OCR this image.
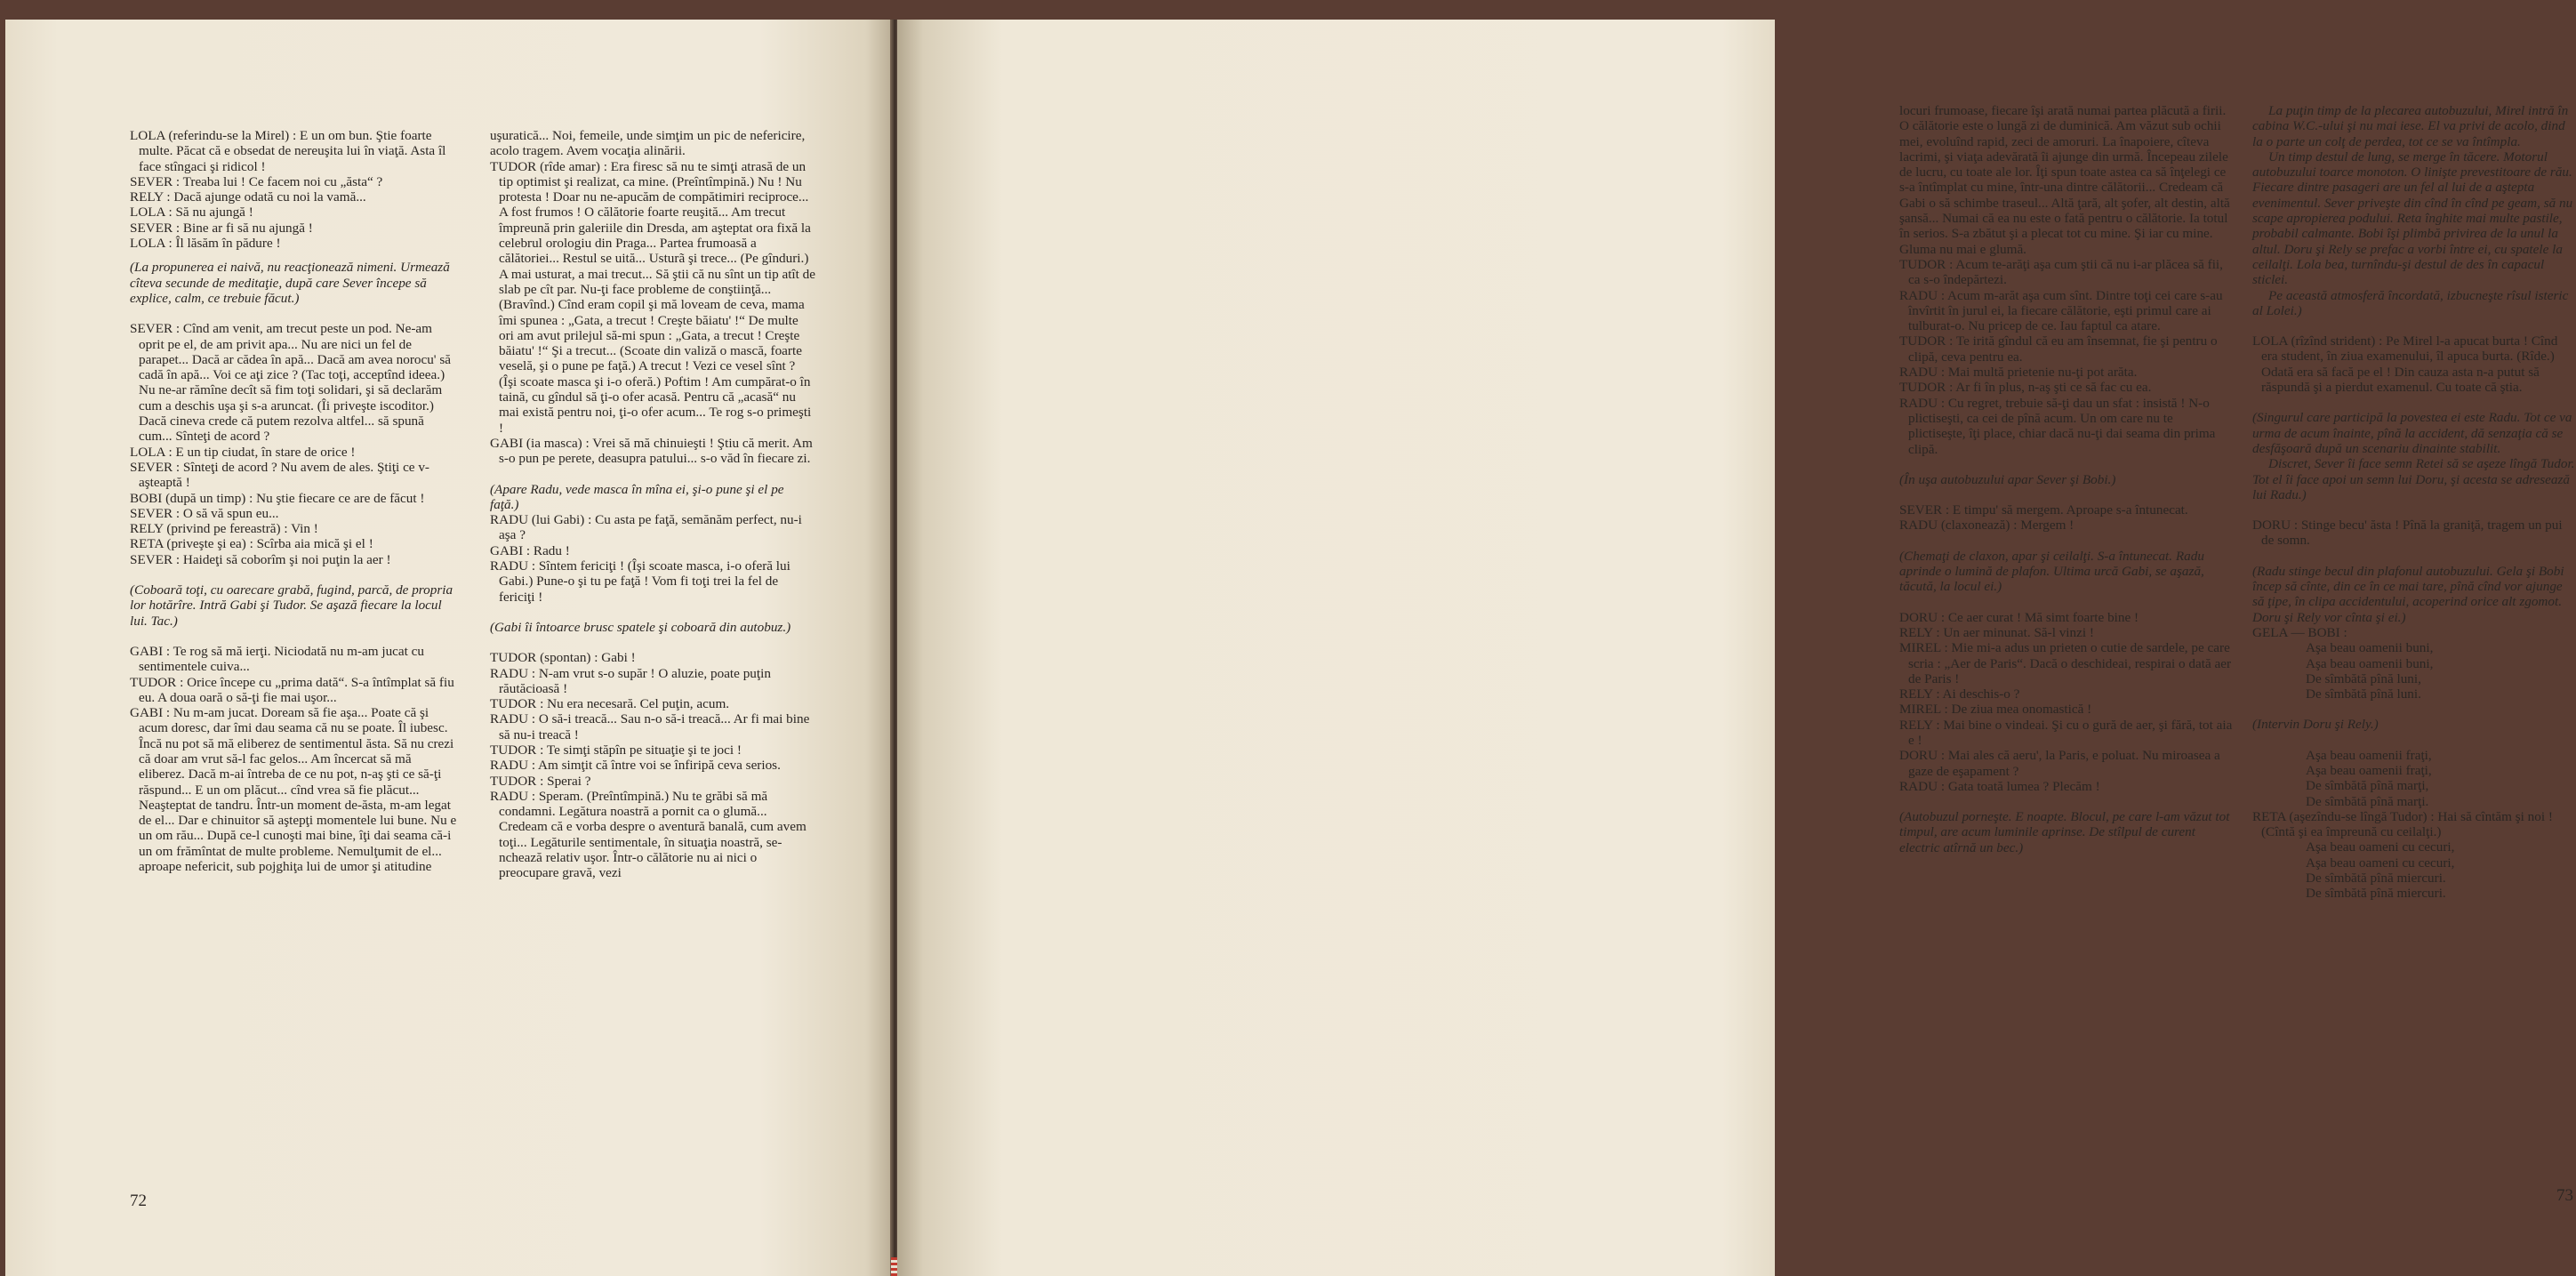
LOLA (referindu-se la Mirel) : E un om bun. Ştie foarte multe. Păcat că e obsedat de nereuşita lui în viaţă. Asta îl face stîngaci şi ridicol !

SEVER : Treaba lui ! Ce facem noi cu „ăsta“ ?

RELY : Dacă ajunge odată cu noi la vamă...

LOLA : Să nu ajungă !

SEVER : Bine ar fi să nu ajungă !

LOLA : Îl lăsăm în pădure !

(La propunerea ei naivă, nu reacţionează nimeni. Urmează cîteva secunde de meditaţie, după care Sever începe să explice, calm, ce trebuie făcut.)

SEVER : Cînd am venit, am trecut peste un pod. Ne-am oprit pe el, de am privit apa... Nu are nici un fel de parapet... Dacă ar cădea în apă... Dacă am avea norocu' să cadă în apă... Voi ce aţi zice ? (Tac toţi, acceptînd ideea.) Nu ne-ar rămîne decît să fim toţi solidari, şi să declarăm cum a deschis uşa şi s-a aruncat. (Îi priveşte iscoditor.) Dacă cineva crede că putem rezolva altfel... să spună cum... Sînteţi de acord ?

LOLA : E un tip ciudat, în stare de orice !

SEVER : Sînteţi de acord ? Nu avem de ales. Ştiţi ce v-aşteaptă !

BOBI (după un timp) : Nu ştie fiecare ce are de făcut !

SEVER : O să vă spun eu...

RELY (privind pe fereastră) : Vin !

RETA (priveşte şi ea) : Scîrba aia mică şi el !

SEVER : Haideţi să coborîm şi noi puţin la aer !

(Coboară toţi, cu oarecare grabă, fugind, parcă, de propria lor hotărîre. Intră Gabi şi Tudor. Se aşază fiecare la locul lui. Tac.)

GABI : Te rog să mă ierţi. Niciodată nu m-am jucat cu sentimentele cuiva...

TUDOR : Orice începe cu „prima dată“. S-a întîmplat să fiu eu. A doua oară o să-ţi fie mai uşor...

GABI : Nu m-am jucat. Doream să fie aşa... Poate că şi acum doresc, dar îmi dau seama că nu se poate. Îl iubesc. Încă nu pot să mă eliberez de sentimentul ăsta. Să nu crezi că doar am vrut să-l fac gelos... Am încercat să mă eliberez. Dacă m-ai întreba de ce nu pot, n-aş şti ce să-ţi răspund... E un om plăcut... cînd vrea să fie plăcut... Neaşteptat de tandru. Într-un moment de-ăsta, m-am legat de el... Dar e chinuitor să aştepţi momentele lui bune. Nu e un om rău... După ce-l cunoşti mai bine, îţi dai seama că-i un om frămîntat de multe probleme. Nemulţumit de el... aproape nefericit, sub pojghiţa lui de umor şi atitudine

uşuratică... Noi, femeile, unde simţim un pic de nefericire, acolo tragem. Avem vocaţia alinării.

TUDOR (rîde amar) : Era firesc să nu te simţi atrasă de un tip optimist şi realizat, ca mine. (Preîntîmpină.) Nu ! Nu protesta ! Doar nu ne-apucăm de compătimiri reciproce... A fost frumos ! O călătorie foarte reuşită... Am trecut împreună prin galeriile din Dresda, am aşteptat ora fixă la celebrul orologiu din Praga... Partea frumoasă a călătoriei... Restul se uită... Usturã şi trece... (Pe gînduri.) A mai usturat, a mai trecut... Să ştii că nu sînt un tip atît de slab pe cît par. Nu-ţi face probleme de conştiinţă... (Bravînd.) Cînd eram copil şi mă loveam de ceva, mama îmi spunea : „Gata, a trecut ! Creşte băiatu' !“ De multe ori am avut prilejul să-mi spun : „Gata, a trecut ! Creşte băiatu' !“ Şi a trecut... (Scoate din valiză o mască, foarte veselă, şi o pune pe faţă.) A trecut ! Vezi ce vesel sînt ? (Îşi scoate masca şi i-o oferă.) Poftim ! Am cumpărat-o în taină, cu gîndul să ţi-o ofer acasă. Pentru că „acasă“ nu mai există pentru noi, ţi-o ofer acum... Te rog s-o primeşti !

GABI (ia masca) : Vrei să mă chinuieşti ! Ştiu că merit. Am s-o pun pe perete, deasupra patului... s-o văd în fiecare zi.

(Apare Radu, vede masca în mîna ei, şi-o pune şi el pe faţă.)

RADU (lui Gabi) : Cu asta pe faţă, semănăm perfect, nu-i aşa ?

GABI : Radu !

RADU : Sîntem fericiţi ! (Îşi scoate masca, i-o oferă lui Gabi.) Pune-o şi tu pe faţă ! Vom fi toţi trei la fel de fericiţi !

(Gabi îi întoarce brusc spatele şi coboară din autobuz.)

TUDOR (spontan) : Gabi !

RADU : N-am vrut s-o supăr ! O aluzie, poate puţin răutăcioasă !

TUDOR : Nu era necesară. Cel puţin, acum.

RADU : O să-i treacă... Sau n-o să-i treacă... Ar fi mai bine să nu-i treacă !

TUDOR : Te simţi stăpîn pe situaţie şi te joci !

RADU : Am simţit că între voi se înfiripă ceva serios.

TUDOR : Sperai ?

RADU : Speram. (Preîntîmpină.) Nu te grăbi să mă condamni. Legătura noastră a pornit ca o glumă... Credeam că e vorba despre o aventură banală, cum avem toţi... Legăturile sentimentale, în situaţia noastră, se-nchează relativ uşor. Într-o călătorie nu ai nici o preocupare gravă, vezi

72

locuri frumoase, fiecare îşi arată numai partea plăcută a firii. O călătorie este o lungă zi de duminică. Am văzut sub ochii mei, evoluînd rapid, zeci de amoruri. La înapoiere, cîteva lacrimi, şi viaţa adevărată îi ajunge din urmă. Începeau zilele de lucru, cu toate ale lor. Îţi spun toate astea ca să înţelegi ce s-a întîmplat cu mine, într-una dintre călătorii... Credeam că Gabi o să schimbe traseul... Altă ţară, alt şofer, alt destin, altă şansă... Numai că ea nu este o fată pentru o călătorie. Ia totul în serios. S-a zbătut şi a plecat tot cu mine. Şi iar cu mine. Gluma nu mai e glumă.

TUDOR : Acum te-arăţi aşa cum ştii că nu i-ar plăcea să fii, ca s-o îndepărtezi.

RADU : Acum m-arăt aşa cum sînt. Dintre toţi cei care s-au învîrtit în jurul ei, la fiecare călătorie, eşti primul care ai tulburat-o. Nu pricep de ce. Iau faptul ca atare.

TUDOR : Te irită gîndul că eu am însemnat, fie şi pentru o clipă, ceva pentru ea.

RADU : Mai multă prietenie nu-ţi pot arăta.

TUDOR : Ar fi în plus, n-aş şti ce să fac cu ea.

RADU : Cu regret, trebuie să-ţi dau un sfat : insistă ! N-o plictiseşti, ca cei de pînă acum. Un om care nu te plictiseşte, îţi place, chiar dacă nu-ţi dai seama din prima clipă.

(În uşa autobuzului apar Sever şi Bobi.)

SEVER : E timpu' să mergem. Aproape s-a întunecat.

RADU (claxonează) : Mergem !

(Chemaţi de claxon, apar şi ceilalţi. S-a întunecat. Radu aprinde o lumină de plafon. Ultima urcă Gabi, se aşază, tăcută, la locul ei.)

DORU : Ce aer curat ! Mă simt foarte bine !

RELY : Un aer minunat. Să-l vinzi !

MIREL : Mie mi-a adus un prieten o cutie de sardele, pe care scria : „Aer de Paris“. Dacă o deschideai, respirai o dată aer de Paris !

RELY : Ai deschis-o ?

MIREL : De ziua mea onomastică !

RELY : Mai bine o vindeai. Şi cu o gură de aer, şi fără, tot aia e !

DORU : Mai ales că aeru', la Paris, e poluat. Nu miroasea a gaze de eşapament ?

RADU : Gata toată lumea ? Plecăm !

(Autobuzul porneşte. E noapte. Blocul, pe care l-am văzut tot timpul, are acum luminile aprinse. De stîlpul de curent electric atîrnă un bec.)

La puţin timp de la plecarea autobuzului, Mirel intră în cabina W.C.-ului şi nu mai iese. El va privi de acolo, dind la o parte un colţ de perdea, tot ce se va întîmpla.

Un timp destul de lung, se merge în tăcere. Motorul autobuzului toarce monoton. O linişte prevestitoare de rău. Fiecare dintre pasageri are un fel al lui de a aştepta evenimentul. Sever priveşte din cînd în cînd pe geam, să nu scape apropierea podului. Reta înghite mai multe pastile, probabil calmante. Bobi îşi plimbă privirea de la unul la altul. Doru şi Rely se prefac a vorbi între ei, cu spatele la ceilalţi. Lola bea, turnîndu-şi destul de des în capacul sticlei.

Pe această atmosferă încordată, izbucneşte rîsul isteric al Lolei.)

LOLA (rîzînd strident) : Pe Mirel l-a apucat burta ! Cînd era student, în ziua examenului, îl apuca burta. (Rîde.) Odată era să facă pe el ! Din cauza asta n-a putut să răspundă şi a pierdut examenul. Cu toate că ştia.

(Singurul care participă la povestea ei este Radu. Tot ce va urma de acum înainte, pînă la accident, dă senzaţia că se desfăşoară după un scenariu dinainte stabilit.

Discret, Sever îi face semn Retei să se aşeze lîngă Tudor. Tot el îi face apoi un semn lui Doru, şi acesta se adresează lui Radu.)

DORU : Stinge becu' ăsta ! Pînă la graniţă, tragem un pui de somn.

(Radu stinge becul din plafonul autobuzului. Gela şi Bobi încep să cînte, din ce în ce mai tare, pînă cînd vor ajunge să ţipe, în clipa accidentului, acoperind orice alt zgomot. Doru şi Rely vor cînta şi ei.)

GELA — BOBI :

Aşa beau oamenii buni,

Aşa beau oamenii buni,

De sîmbătă pînă luni,

De sîmbătă pînă luni.

(Intervin Doru şi Rely.)

Aşa beau oamenii fraţi,

Aşa beau oamenii fraţi,

De sîmbătă pînă marţi,

De sîmbătă pînă marţi.

RETA (aşezîndu-se lîngă Tudor) : Hai să cîntăm şi noi ! (Cîntă şi ea împreună cu ceilalţi.)

Aşa beau oameni cu cecuri,

Aşa beau oameni cu cecuri,

De sîmbătă pînă miercuri.

De sîmbătă pînă miercuri.

73
